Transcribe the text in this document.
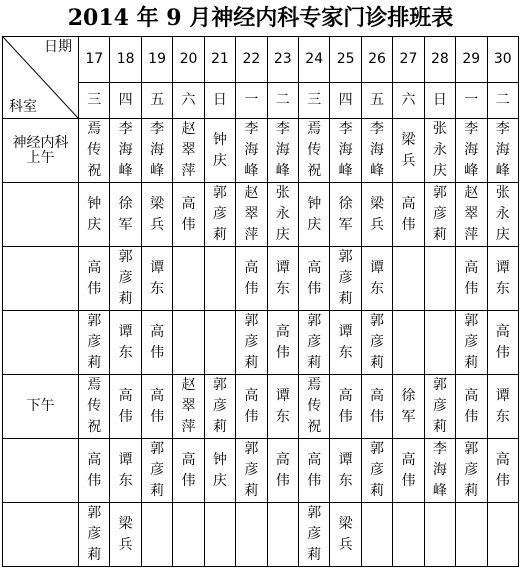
2014 年 9 月神经内科专家门诊排班表
日期
科室	17	18	19	20	21	22	23	24	25	26	27	28	29	30
	三	四	五	六	日	一	二	三	四	五	六	日	一	二
神经内科
上午	焉传祝	李海峰	李海峰	赵翠萍	钟庆	李海峰	李海峰	焉传祝	李海峰	李海峰	梁兵	张永庆	李海峰	李海峰
	钟庆	徐军	梁兵	高伟	郭彦莉	赵翠萍	张永庆	钟庆	徐军	梁兵	高伟	郭彦莉	赵翠萍	张永庆
	高伟	郭彦莉	谭东			高伟	谭东	高伟	郭彦莉	谭东			高伟	谭东
	郭彦莉	谭东	高伟			郭彦莉	高伟	郭彦莉	谭东	郭彦莉			郭彦莉	高伟
下午	焉传祝	高伟	高伟	赵翠萍	郭彦莉	高伟	谭东	焉传祝	高伟	高伟	徐军	郭彦莉	高伟	谭东
	高伟	谭东	郭彦莉	高伟	钟庆	郭彦莉	高伟	高伟	谭东	郭彦莉	高伟	李海峰	郭彦莉	高伟
	郭彦莉	梁兵						郭彦莉	梁兵					
